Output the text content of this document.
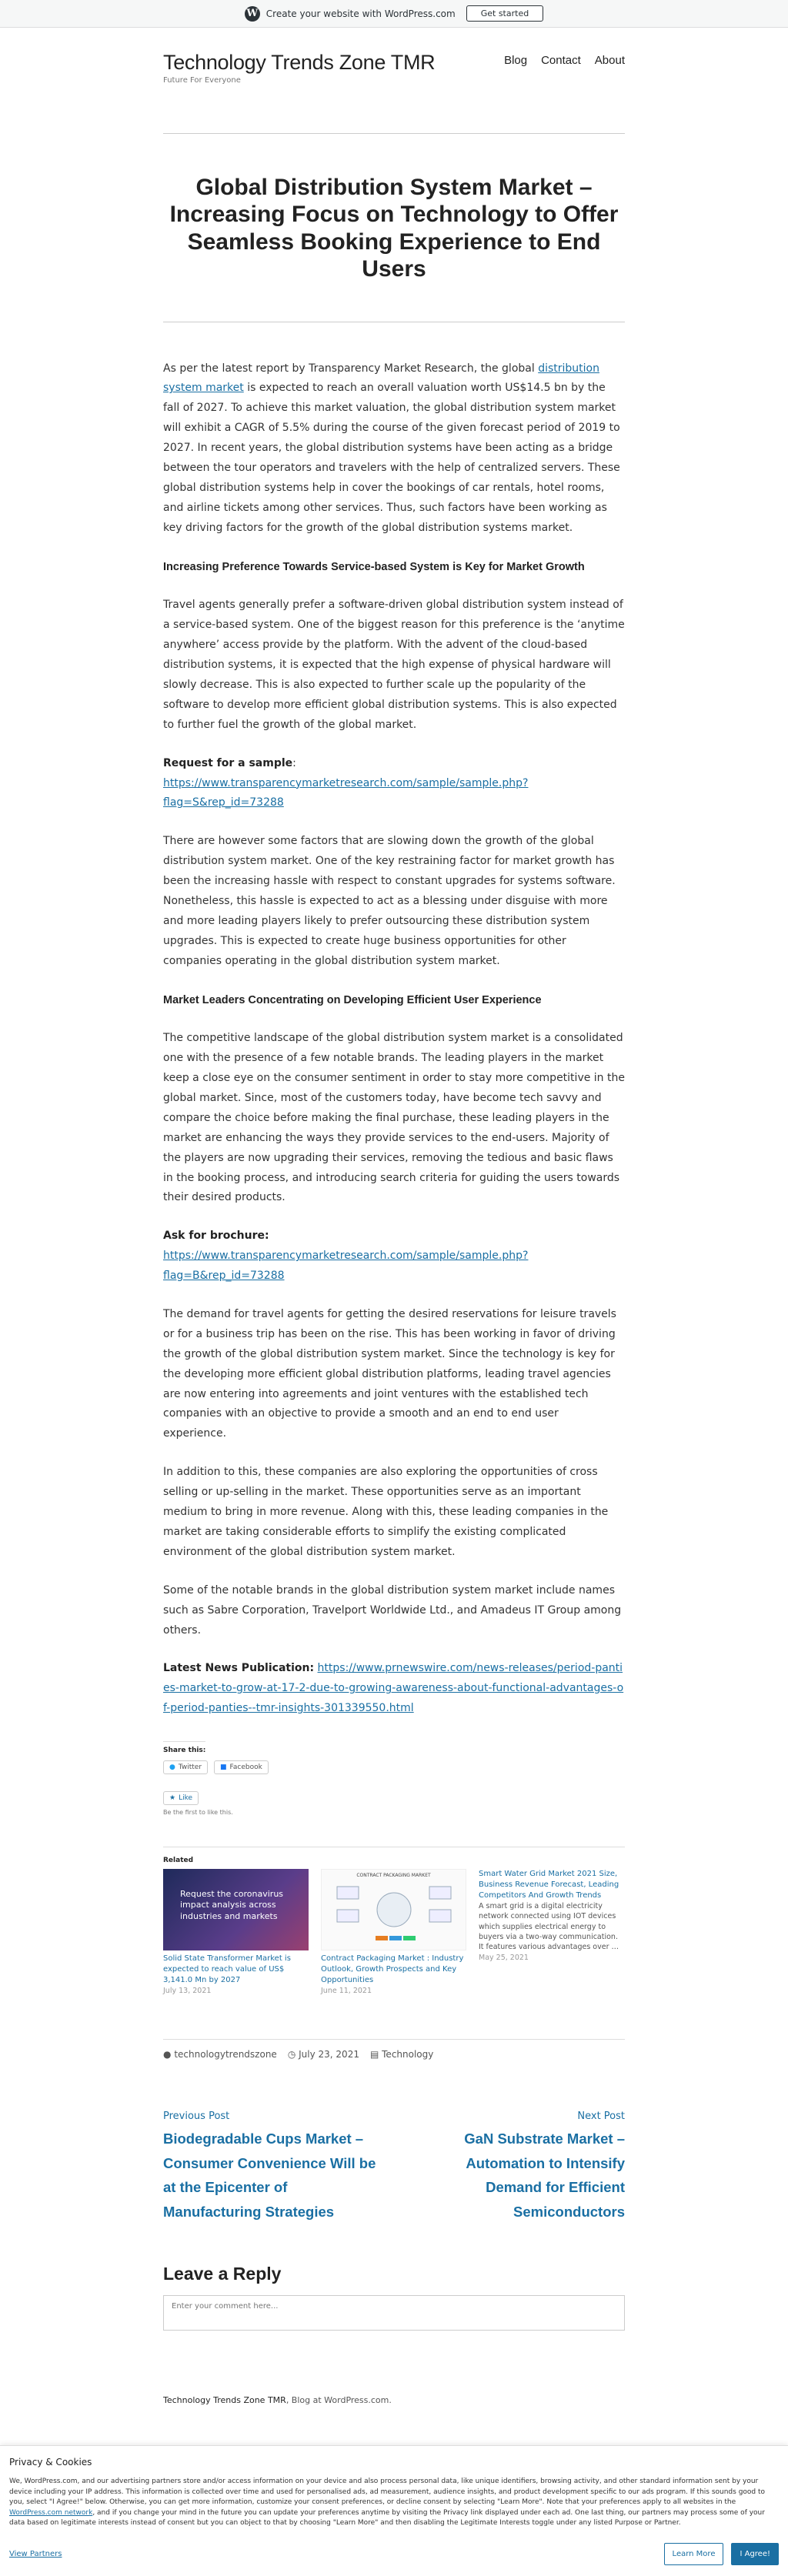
W Create your website with WordPress.com	Get started
Technology Trends Zone TMR
Future For Everyone
Blog Contact About
Global Distribution System Market – Increasing Focus on Technology to Offer Seamless Booking Experience to End Users

As per the latest report by Transparency Market Research, the global distribution system market is expected to reach an overall valuation worth US$14.5 bn by the fall of 2027. To achieve this market valuation, the global distribution system market will exhibit a CAGR of 5.5% during the course of the given forecast period of 2019 to 2027. In recent years, the global distribution systems have been acting as a bridge between the tour operators and travelers with the help of centralized servers. These global distribution systems help in cover the bookings of car rentals, hotel rooms, and airline tickets among other services. Thus, such factors have been working as key driving factors for the growth of the global distribution systems market.

Increasing Preference Towards Service-based System is Key for Market Growth

Travel agents generally prefer a software-driven global distribution system instead of a service-based system. One of the biggest reason for this preference is the ‘anytime anywhere’ access provide by the platform. With the advent of the cloud-based distribution systems, it is expected that the high expense of physical hardware will slowly decrease. This is also expected to further scale up the popularity of the software to develop more efficient global distribution systems. This is also expected to further fuel the growth of the global market.

Request for a sample:
https://www.transparencymarketresearch.com/sample/sample.php?flag=S&rep_id=73288

There are however some factors that are slowing down the growth of the global distribution system market. One of the key restraining factor for market growth has been the increasing hassle with respect to constant upgrades for systems software. Nonetheless, this hassle is expected to act as a blessing under disguise with more and more leading players likely to prefer outsourcing these distribution system upgrades. This is expected to create huge business opportunities for other companies operating in the global distribution system market.

Market Leaders Concentrating on Developing Efficient User Experience

The competitive landscape of the global distribution system market is a consolidated one with the presence of a few notable brands. The leading players in the market keep a close eye on the consumer sentiment in order to stay more competitive in the global market. Since, most of the customers today, have become tech savvy and compare the choice before making the final purchase, these leading players in the market are enhancing the ways they provide services to the end-users. Majority of the players are now upgrading their services, removing the tedious and basic flaws in the booking process, and introducing search criteria for guiding the users towards their desired products.

Ask for brochure: https://www.transparencymarketresearch.com/sample/sample.php?flag=B&rep_id=73288

The demand for travel agents for getting the desired reservations for leisure travels or for a business trip has been on the rise. This has been working in favor of driving the growth of the global distribution system market. Since the technology is key for the developing more efficient global distribution platforms, leading travel agencies are now entering into agreements and joint ventures with the established tech companies with an objective to provide a smooth and an end to end user experience.

In addition to this, these companies are also exploring the opportunities of cross selling or up-selling in the market. These opportunities serve as an important medium to bring in more revenue. Along with this, these leading companies in the market are taking considerable efforts to simplify the existing complicated environment of the global distribution system market.

Some of the notable brands in the global distribution system market include names such as Sabre Corporation, Travelport Worldwide Ltd., and Amadeus IT Group among others.

Latest News Publication: https://www.prnewswire.com/news-releases/period-panties-market-to-grow-at-17-2-due-to-growing-awareness-about-functional-advantages-of-period-panties--tmr-insights-301339550.html

Share this:
● Twitter	■ Facebook
★ Like
Be the first to like this.
Related
Request the coronavirus impact analysis across industries and markets
Solid State Transformer Market is expected to reach value of US$ 3,141.0 Mn by 2027
July 13, 2021
CONTRACT PACKAGING MARKET
Contract Packaging Market : Industry Outlook, Growth Prospects and Key Opportunities
June 11, 2021
Smart Water Grid Market 2021 Size, Business Revenue Forecast, Leading Competitors And Growth Trends
A smart grid is a digital electricity network connected using IOT devices which supplies electrical energy to buyers via a two-way communication. It features various advantages over …
May 25, 2021
● technologytrendszone ◷ July 23, 2021 ▤ Technology
Previous Post
Biodegradable Cups Market – Consumer Convenience Will be at the Epicenter of Manufacturing Strategies
Next Post
GaN Substrate Market – Automation to Intensify Demand for Efficient Semiconductors
Leave a Reply
Enter your comment here...
Technology Trends Zone TMR, Blog at WordPress.com.
Privacy & Cookies
We, WordPress.com, and our advertising partners store and/or access information on your device and also process personal data, like unique identifiers, browsing activity, and other standard information sent by your device including your IP address. This information is collected over time and used for personalised ads, ad measurement, audience insights, and product development specific to our ads program. If this sounds good to you, select "I Agree!" below. Otherwise, you can get more information, customize your consent preferences, or decline consent by selecting "Learn More". Note that your preferences apply to all websites in the WordPress.com network, and if you change your mind in the future you can update your preferences anytime by visiting the Privacy link displayed under each ad. One last thing, our partners may process some of your data based on legitimate interests instead of consent but you can object to that by choosing "Learn More" and then disabling the Legitimate Interests toggle under any listed Purpose or Partner.
View Partners	Learn More	I Agree!
